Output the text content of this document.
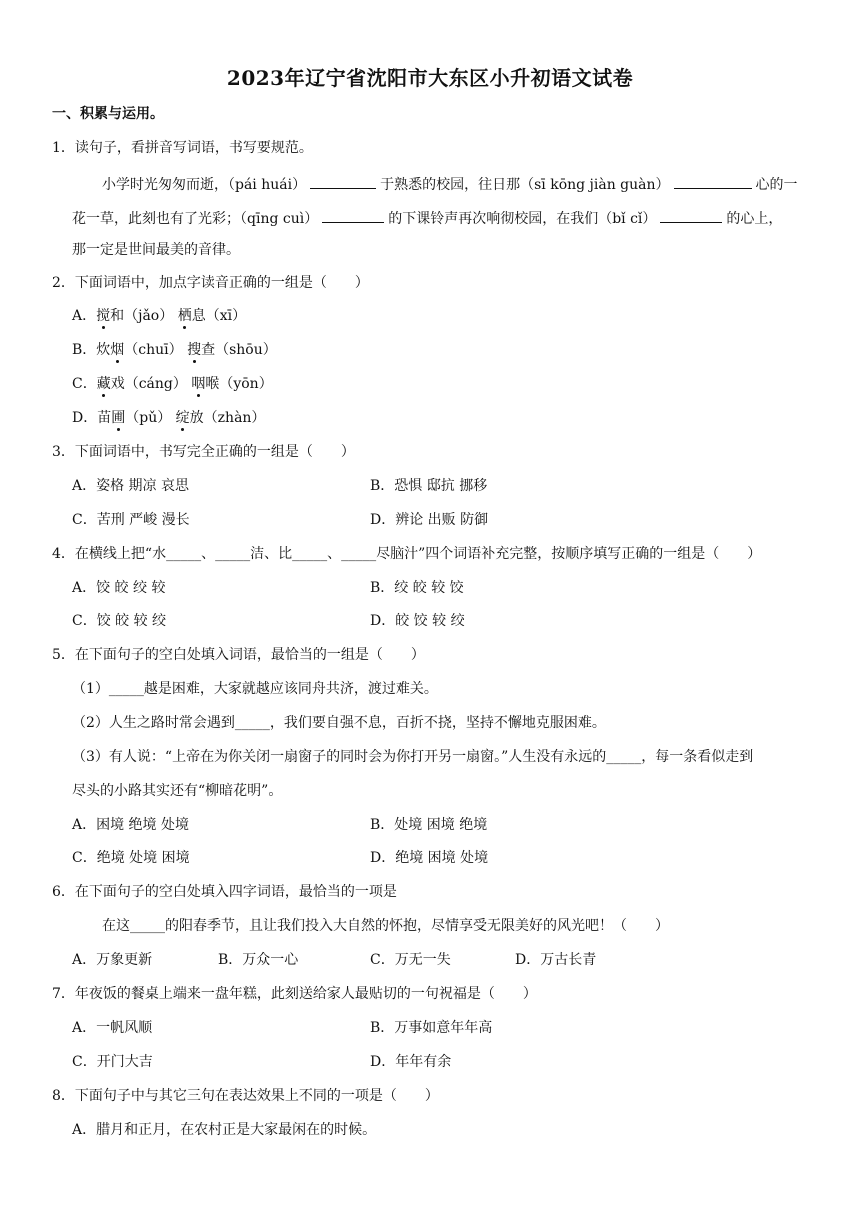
2023年辽宁省沈阳市大东区小升初语文试卷
一、积累与运用。
1．读句子，看拼音写词语，书写要规范。
小学时光匆匆而逝，（pái huái）	于熟悉的校园，往日那（sī kōng jiàn guàn）	心的一
花一草，此刻也有了光彩；（qīng cuì）	的下课铃声再次响彻校园，在我们（bǐ cǐ）	的心上，
那一定是世间最美的音律。
2．下面词语中，加点字读音正确的一组是（　　）
A．搅和（jǎo） 栖息（xī）
B．炊烟（chuī） 搜查（shōu）
C．藏戏（cáng） 咽喉（yōn）
D．苗圃（pǔ） 绽放（zhàn）
3．下面词语中，书写完全正确的一组是（　　）
A．姿格 期凉 哀思	B．恐惧 邸抗 挪移
C．苦刑 严峻 漫长	D．辨论 出贩 防御
4．在横线上把“水_____、_____洁、比_____、_____尽脑汁”四个词语补充完整，按顺序填写正确的一组是（　　）
A．饺 皎 绞 较	B．绞 皎 较 饺
C．饺 皎 较 绞	D．皎 饺 较 绞
5．在下面句子的空白处填入词语，最恰当的一组是（　　）
（1）_____越是困难，大家就越应该同舟共济，渡过难关。
（2）人生之路时常会遇到_____，我们要自强不息，百折不挠，坚持不懈地克服困难。
（3）有人说：“上帝在为你关闭一扇窗子的同时会为你打开另一扇窗。”人生没有永远的_____，每一条看似走到
尽头的小路其实还有“柳暗花明”。
A．困境 绝境 处境	B．处境 困境 绝境
C．绝境 处境 困境	D．绝境 困境 处境
6．在下面句子的空白处填入四字词语，最恰当的一项是
在这_____的阳春季节，且让我们投入大自然的怀抱，尽情享受无限美好的风光吧！（　　）
A．万象更新	B．万众一心	C．万无一失	D．万古长青
7．年夜饭的餐桌上端来一盘年糕，此刻送给家人最贴切的一句祝福是（　　）
A．一帆风顺	B．万事如意年年高
C．开门大吉	D．年年有余
8．下面句子中与其它三句在表达效果上不同的一项是（　　）
A．腊月和正月，在农村正是大家最闲在的时候。
